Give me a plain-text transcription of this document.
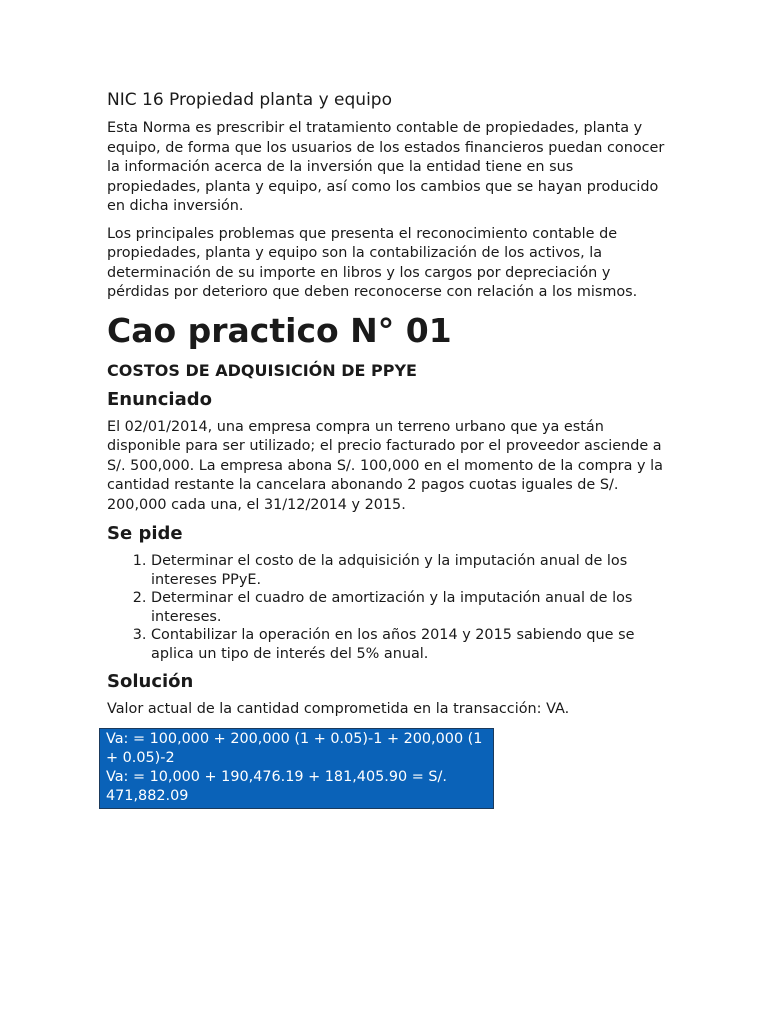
NIC 16 Propiedad planta y equipo

Esta Norma es prescribir el tratamiento contable de propiedades, planta y equipo, de forma que los usuarios de los estados financieros puedan conocer la información acerca de la inversión que la entidad tiene en sus propiedades, planta y equipo, así como los cambios que se hayan producido en dicha inversión.

Los principales problemas que presenta el reconocimiento contable de propiedades, planta y equipo son la contabilización de los activos, la determinación de su importe en libros y los cargos por depreciación y pérdidas por deterioro que deben reconocerse con relación a los mismos.

Cao practico N° 01
COSTOS DE ADQUISICIÓN DE PPYE
Enunciado

El 02/01/2014, una empresa compra un terreno urbano que ya están disponible para ser utilizado; el precio facturado por el proveedor asciende a S/. 500,000. La empresa abona S/. 100,000 en el momento de la compra y la cantidad restante la cancelara abonando 2 pagos cuotas iguales de S/. 200,000 cada una, el 31/12/2014 y 2015.

Se pide
1. Determinar el costo de la adquisición y la imputación anual de los intereses PPyE.
2. Determinar el cuadro de amortización y la imputación anual de los intereses.
3. Contabilizar la operación en los años 2014 y 2015 sabiendo que se aplica un tipo de interés del 5% anual.
Solución

Valor actual de la cantidad comprometida en la transacción: VA.

Va: = 100,000 + 200,000 (1 + 0.05)-1 + 200,000 (1 + 0.05)-2
Va: = 10,000 + 190,476.19 + 181,405.90 = S/. 471,882.09
